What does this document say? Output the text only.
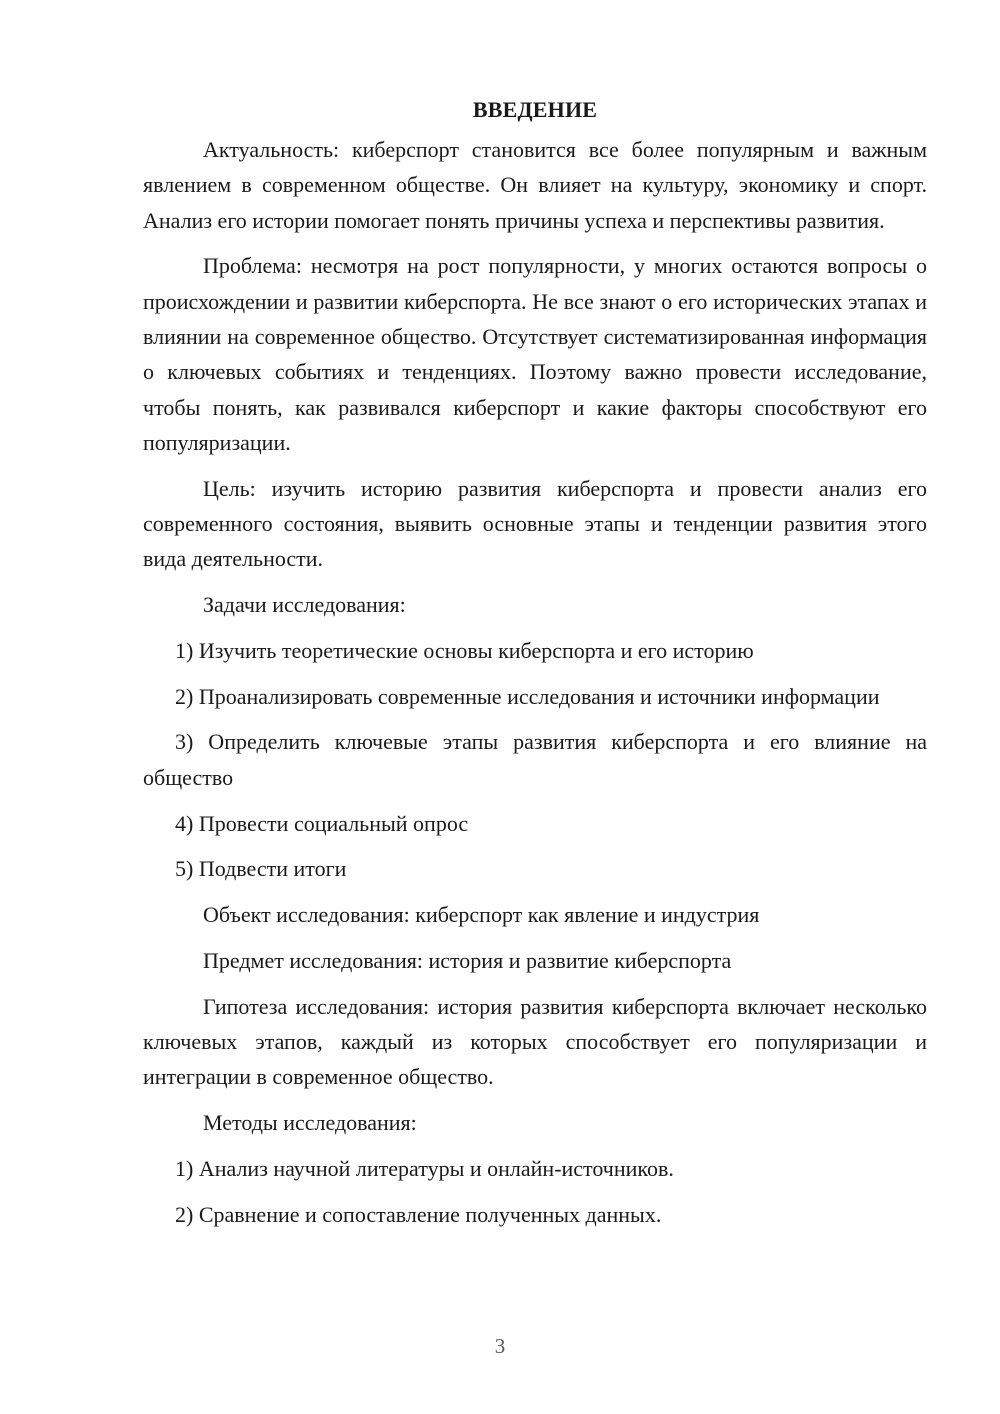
ВВЕДЕНИЕ

Актуальность: киберспорт становится все более популярным и важным явлением в современном обществе. Он влияет на культуру, экономику и спорт. Анализ его истории помогает понять причины успеха и перспективы развития.

Проблема: несмотря на рост популярности, у многих остаются вопросы о происхождении и развитии киберспорта. Не все знают о его исторических этапах и влиянии на современное общество. Отсутствует систематизированная информация о ключевых событиях и тенденциях. Поэтому важно провести исследование, чтобы понять, как развивался киберспорт и какие факторы способствуют его популяризации.

Цель: изучить историю развития киберспорта и провести анализ его современного состояния, выявить основные этапы и тенденции развития этого вида деятельности.

Задачи исследования:

1) Изучить теоретические основы киберспорта и его историю

2) Проанализировать современные исследования и источники информации

3) Определить ключевые этапы развития киберспорта и его влияние на общество

4) Провести социальный опрос

5) Подвести итоги

Объект исследования: киберспорт как явление и индустрия

Предмет исследования: история и развитие киберспорта

Гипотеза исследования: история развития киберспорта включает несколько ключевых этапов, каждый из которых способствует его популяризации и интеграции в современное общество.

Методы исследования:

1) Анализ научной литературы и онлайн-источников.

2) Сравнение и сопоставление полученных данных.

3
